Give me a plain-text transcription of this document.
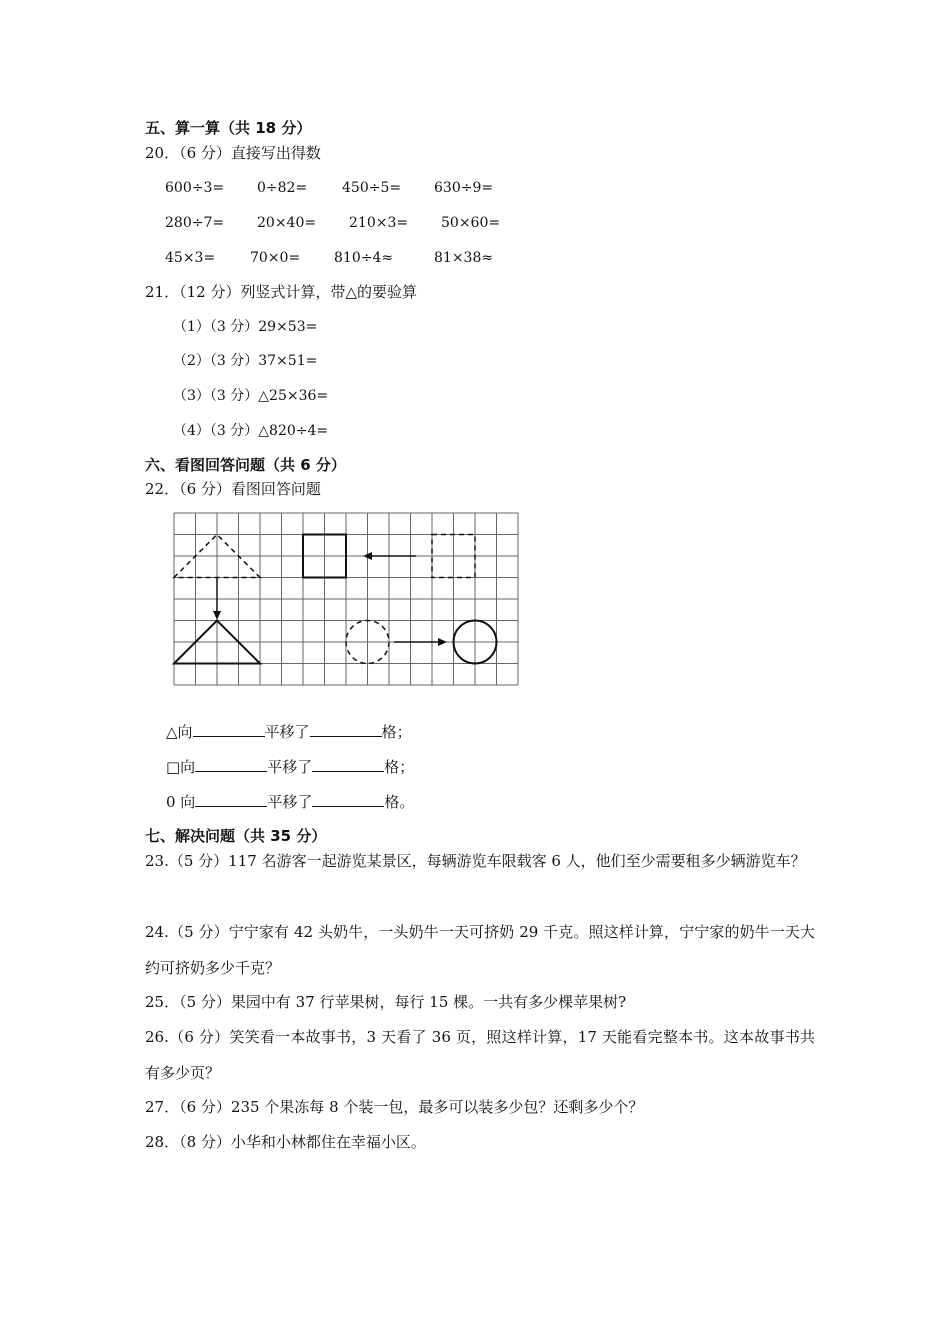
五、算一算（共 18 分）
20．（6 分）直接写出得数
600÷3= 0÷82= 450÷5= 630÷9=
280÷7= 20×40= 210×3= 50×60=
45×3= 70×0= 810÷4≈	81×38≈
21．（12 分）列竖式计算，带△的要验算
（1）（3 分）29×53=
（2）（3 分）37×51=
（3）（3 分）△25×36=
（4）（3 分）△820÷4=
六、看图回答问题（共 6 分）
22．（6 分）看图回答问题
△向	平移了	格；
□向	平移了	格；
0 向	平移了	格。
七、解决问题（共 35 分）
23.（5 分）117 名游客一起游览某景区，每辆游览车限载客 6 人，他们至少需要租多少辆游览车？
24.（5 分）宁宁家有 42 头奶牛，一头奶牛一天可挤奶 29 千克。照这样计算，宁宁家的奶牛一天大约可挤奶多少千克？
25．（5 分）果园中有 37 行苹果树，每行 15 棵。一共有多少棵苹果树?
26.（6 分）笑笑看一本故事书，3 天看了 36 页，照这样计算，17 天能看完整本书。这本故事书共有多少页？
27．（6 分）235 个果冻每 8 个装一包，最多可以装多少包？还剩多少个？
28．（8 分）小华和小林都住在幸福小区。
